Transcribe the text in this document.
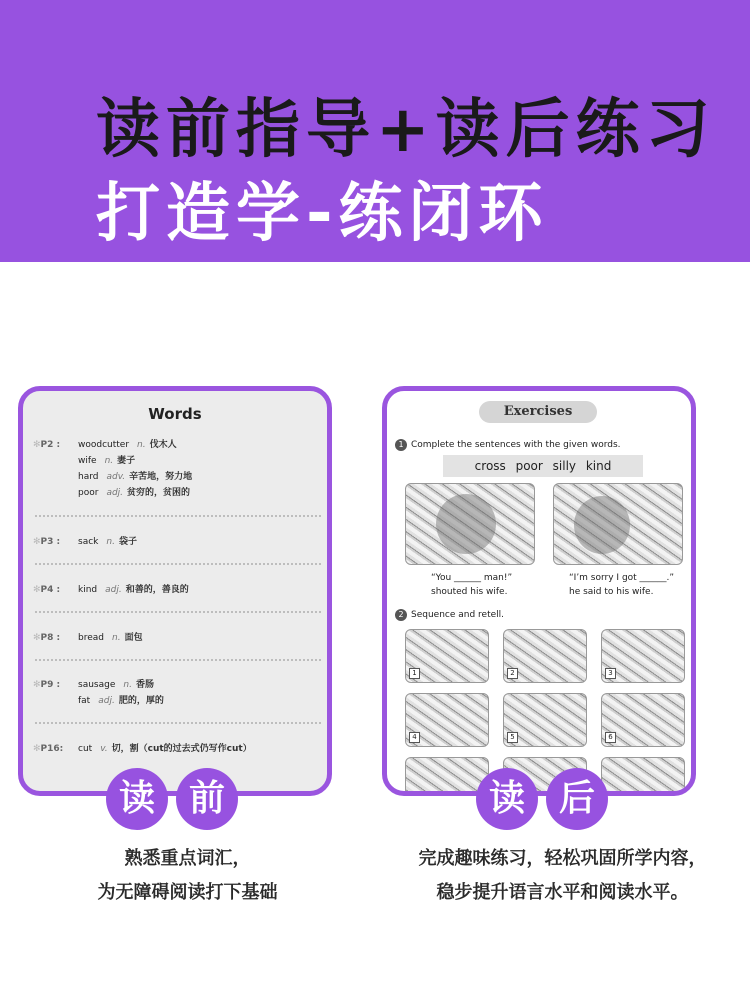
读前指导+读后练习
打造学-练闭环
Words
✻P2 :	woodcutter n. 伐木人
wife n. 妻子
hard adv. 辛苦地，努力地
poor adj. 贫穷的，贫困的
✻P3 :	sack n. 袋子
✻P4 :	kind adj. 和善的，善良的
✻P8 :	bread n. 面包
✻P9 :	sausage n. 香肠
fat adj. 肥的，厚的
✻P16:	cut v. 切，割（cut的过去式仍写作cut）
Exercises
1 Complete the sentences with the given words.
cross poor silly kind
“You ______ man!”
shouted his wife.
“I’m sorry I got ______.”
he said to his wife.
2 Sequence and retell.
1	2	3
4	5	6
读 前	读 后
熟悉重点词汇，
为无障碍阅读打下基础
完成趣味练习，轻松巩固所学内容，
稳步提升语言水平和阅读水平。
